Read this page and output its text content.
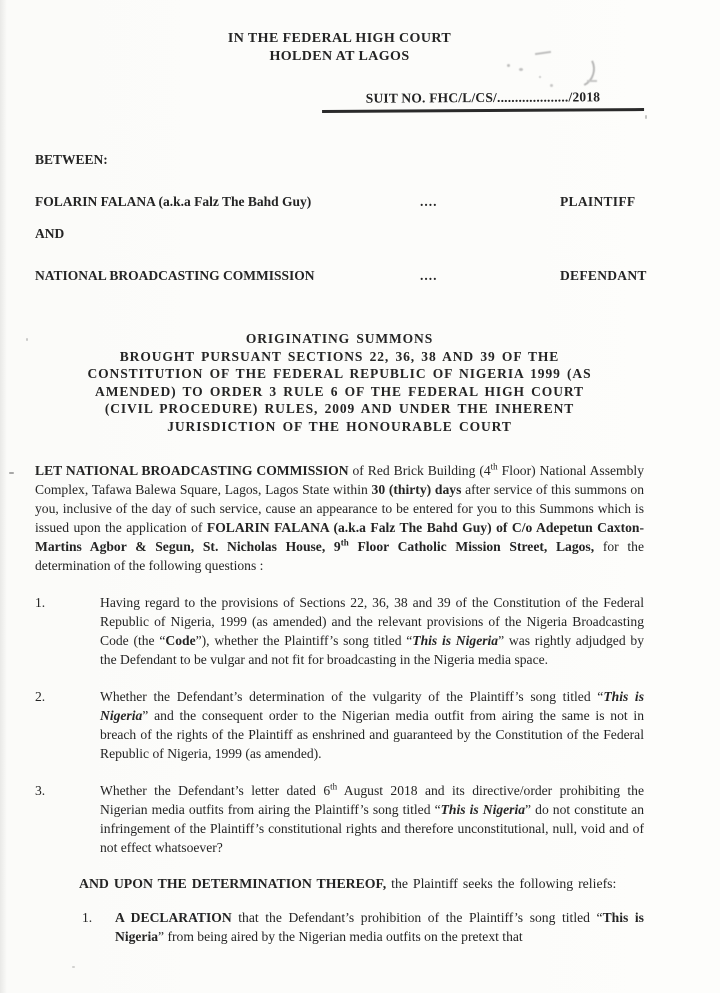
IN THE FEDERAL HIGH COURT
HOLDEN AT LAGOS
SUIT NO. FHC/L/CS/..................../2018
BETWEEN:
FOLARIN FALANA (a.k.a Falz The Bahd Guy)	....	PLAINTIFF
AND
NATIONAL BROADCASTING COMMISSION	....	DEFENDANT
ORIGINATING SUMMONS
BROUGHT PURSUANT SECTIONS 22, 36, 38 AND 39 OF THE
CONSTITUTION OF THE FEDERAL REPUBLIC OF NIGERIA 1999 (AS
AMENDED) TO ORDER 3 RULE 6 OF THE FEDERAL HIGH COURT
(CIVIL PROCEDURE) RULES, 2009 AND UNDER THE INHERENT
JURISDICTION OF THE HONOURABLE COURT

LET NATIONAL BROADCASTING COMMISSION of Red Brick Building (4th Floor) National Assembly Complex, Tafawa Balewa Square, Lagos, Lagos State within 30 (thirty) days after service of this summons on you, inclusive of the day of such service, cause an appearance to be entered for you to this Summons which is issued upon the application of FOLARIN FALANA (a.k.a Falz The Bahd Guy) of C/o Adepetun Caxton-Martins Agbor & Segun, St. Nicholas House, 9th Floor Catholic Mission Street, Lagos, for the determination of the following questions :

1.	Having regard to the provisions of Sections 22, 36, 38 and 39 of the Constitution of the Federal Republic of Nigeria, 1999 (as amended) and the relevant provisions of the Nigeria Broadcasting Code (the “Code”), whether the Plaintiff’s song titled “This is Nigeria” was rightly adjudged by the Defendant to be vulgar and not fit for broadcasting in the Nigeria media space.
2.	Whether the Defendant’s determination of the vulgarity of the Plaintiff’s song titled “This is Nigeria” and the consequent order to the Nigerian media outfit from airing the same is not in breach of the rights of the Plaintiff as enshrined and guaranteed by the Constitution of the Federal Republic of Nigeria, 1999 (as amended).
3.	Whether the Defendant’s letter dated 6th August 2018 and its directive/order prohibiting the Nigerian media outfits from airing the Plaintiff’s song titled “This is Nigeria” do not constitute an infringement of the Plaintiff’s constitutional rights and therefore unconstitutional, null, void and of not effect whatsoever?

AND UPON THE DETERMINATION THEREOF, the Plaintiff seeks the following reliefs:

1.	A DECLARATION that the Defendant’s prohibition of the Plaintiff’s song titled “This is Nigeria” from being aired by the Nigerian media outfits on the pretext that
